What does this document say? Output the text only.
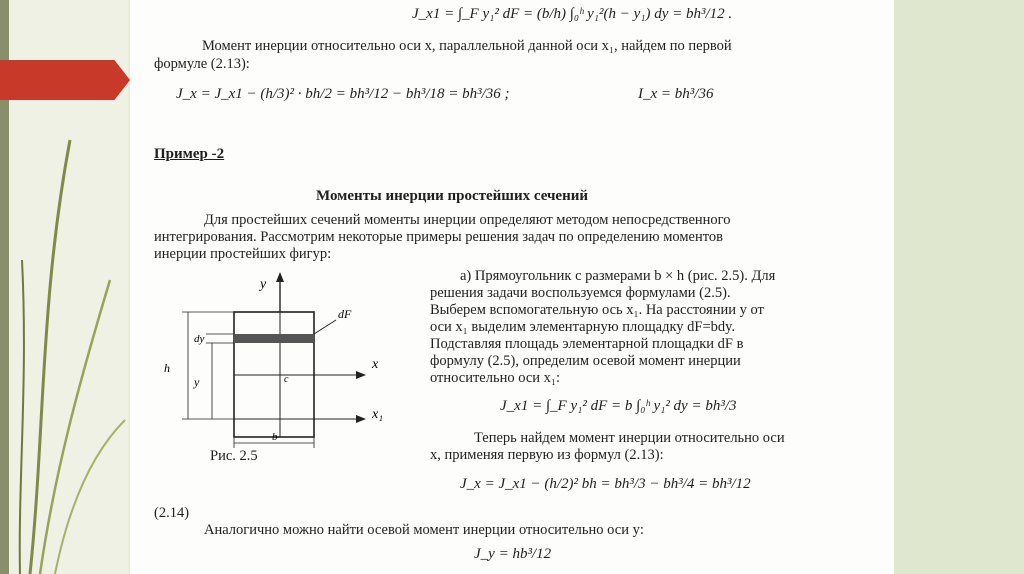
J_x1 = ∫_F y₁² dF = (b/h) ∫₀ʰ y₁²(h − y₁) dy = bh³/12 .
Момент инерции относительно оси x, параллельной данной оси x₁, найдем по первой
формуле (2.13):
J_x = J_x1 − (h/3)² · bh/2 = bh³/12 − bh³/18 = bh³/36 ;	I_x = bh³/36
Пример -2
Моменты инерции простейших сечений
Для простейших сечений моменты инерции определяют методом непосредственного
интегрирования. Рассмотрим некоторые примеры решения задач по определению моментов
инерции простейших фигур:
а) Прямоугольник с размерами b × h (рис. 2.5). Для
решения задачи воспользуемся формулами (2.5).
Выберем вспомогательную ось x₁. На расстоянии y от
оси x₁ выделим элементарную площадку dF=bdy.
Подставляя площадь элементарной площадки dF в
формулу (2.5), определим осевой момент инерции
относительно оси x₁:
J_x1 = ∫_F y₁² dF = b ∫₀ʰ y₁² dy = bh³/3
Теперь найдем момент инерции относительно оси
x, применяя первую из формул (2.13):
J_x = J_x1 − (h/2)² bh = bh³/3 − bh³/4 = bh³/12
(2.14)
Аналогично можно найти осевой момент инерции относительно оси y:
J_y = hb³/12
y
dF
x
c
x₁
h
y
dy
b
Рис. 2.5
